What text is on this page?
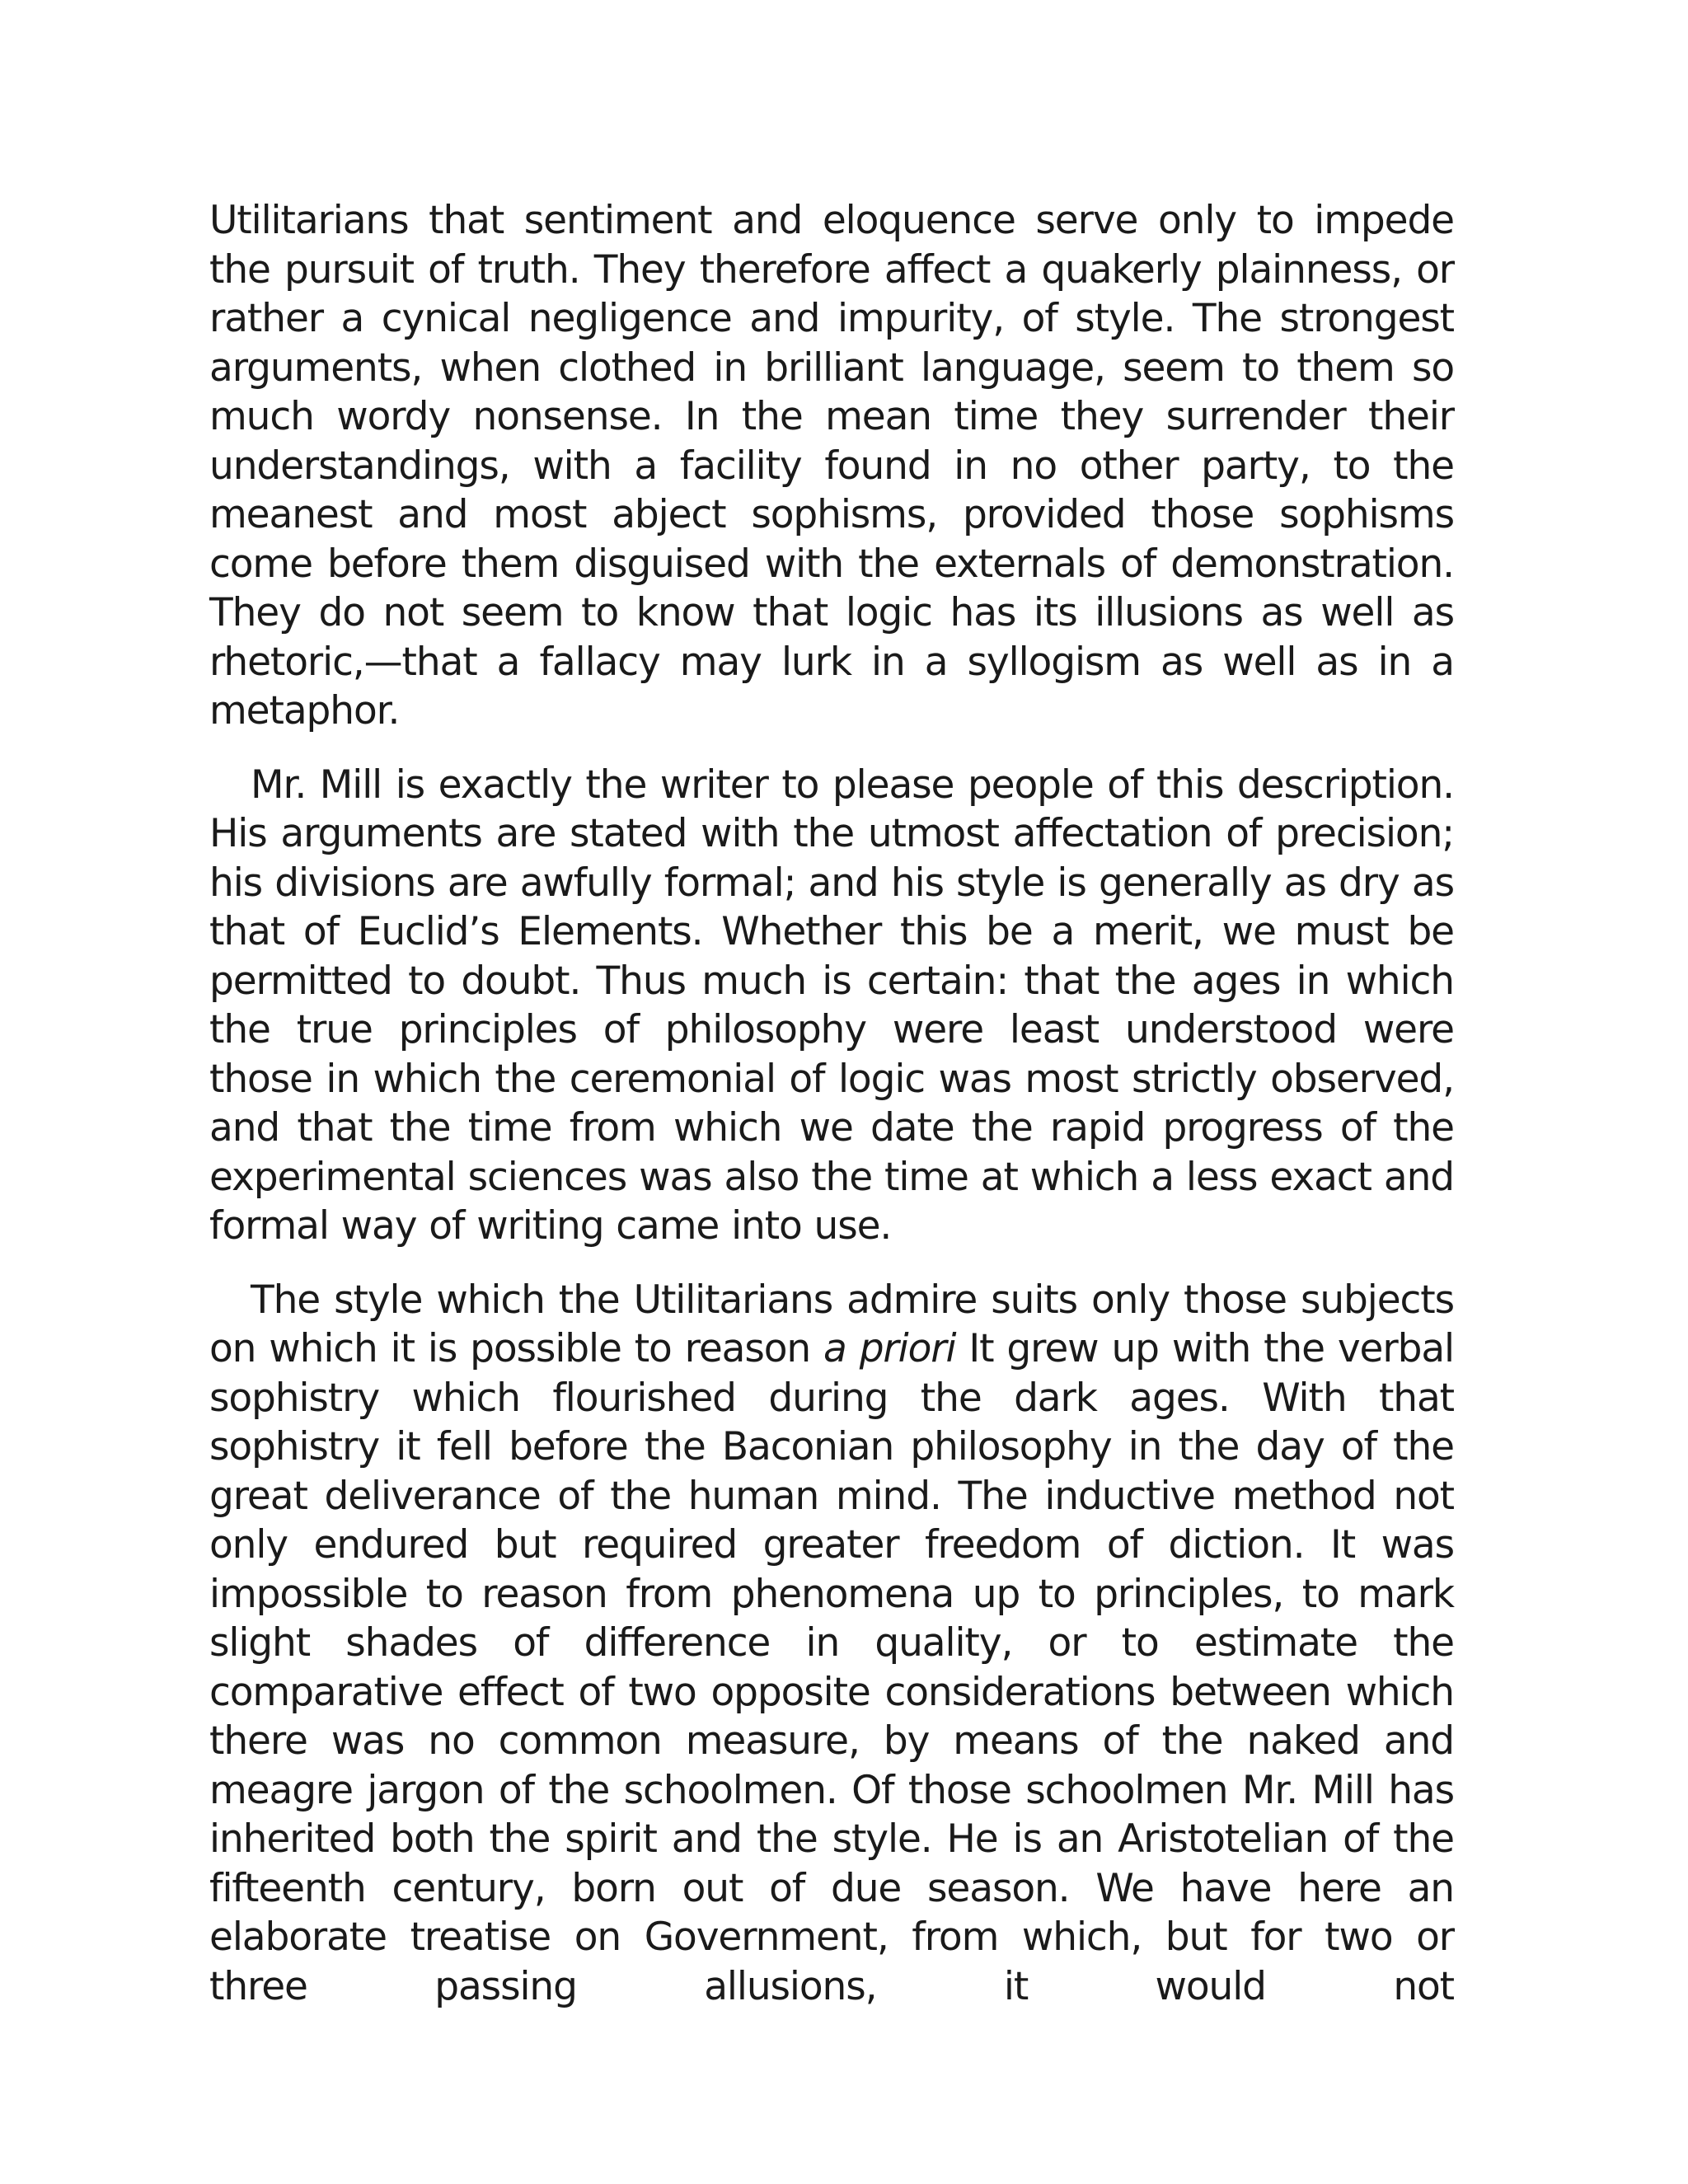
Utilitarians that sentiment and eloquence serve only to impede the pursuit of truth. They therefore affect a quakerly plainness, or rather a cynical negligence and impurity, of style. The strongest arguments, when clothed in brilliant language, seem to them so much wordy nonsense. In the mean time they surrender their understandings, with a facility found in no other party, to the meanest and most abject sophisms, provided those sophisms come before them disguised with the externals of demonstration. They do not seem to know that logic has its illusions as well as rhetoric,—that a fallacy may lurk in a syllogism as well as in a metaphor.

Mr. Mill is exactly the writer to please people of this description. His arguments are stated with the utmost affectation of precision; his divisions are awfully formal; and his style is generally as dry as that of Euclid’s Elements. Whether this be a merit, we must be permitted to doubt. Thus much is certain: that the ages in which the true principles of philosophy were least understood were those in which the ceremonial of logic was most strictly observed, and that the time from which we date the rapid progress of the experimental sciences was also the time at which a less exact and formal way of writing came into use.

The style which the Utilitarians admire suits only those subjects on which it is possible to reason a priori It grew up with the verbal sophistry which flourished during the dark ages. With that sophistry it fell before the Baconian philosophy in the day of the great deliverance of the human mind. The inductive method not only endured but required greater freedom of diction. It was impossible to reason from phenomena up to principles, to mark slight shades of difference in quality, or to estimate the comparative effect of two opposite considerations between which there was no common measure, by means of the naked and meagre jargon of the schoolmen. Of those schoolmen Mr. Mill has inherited both the spirit and the style. He is an Aristotelian of the fifteenth century, born out of due season. We have here an elaborate treatise on Government, from which, but for two or three passing allusions, it would not
